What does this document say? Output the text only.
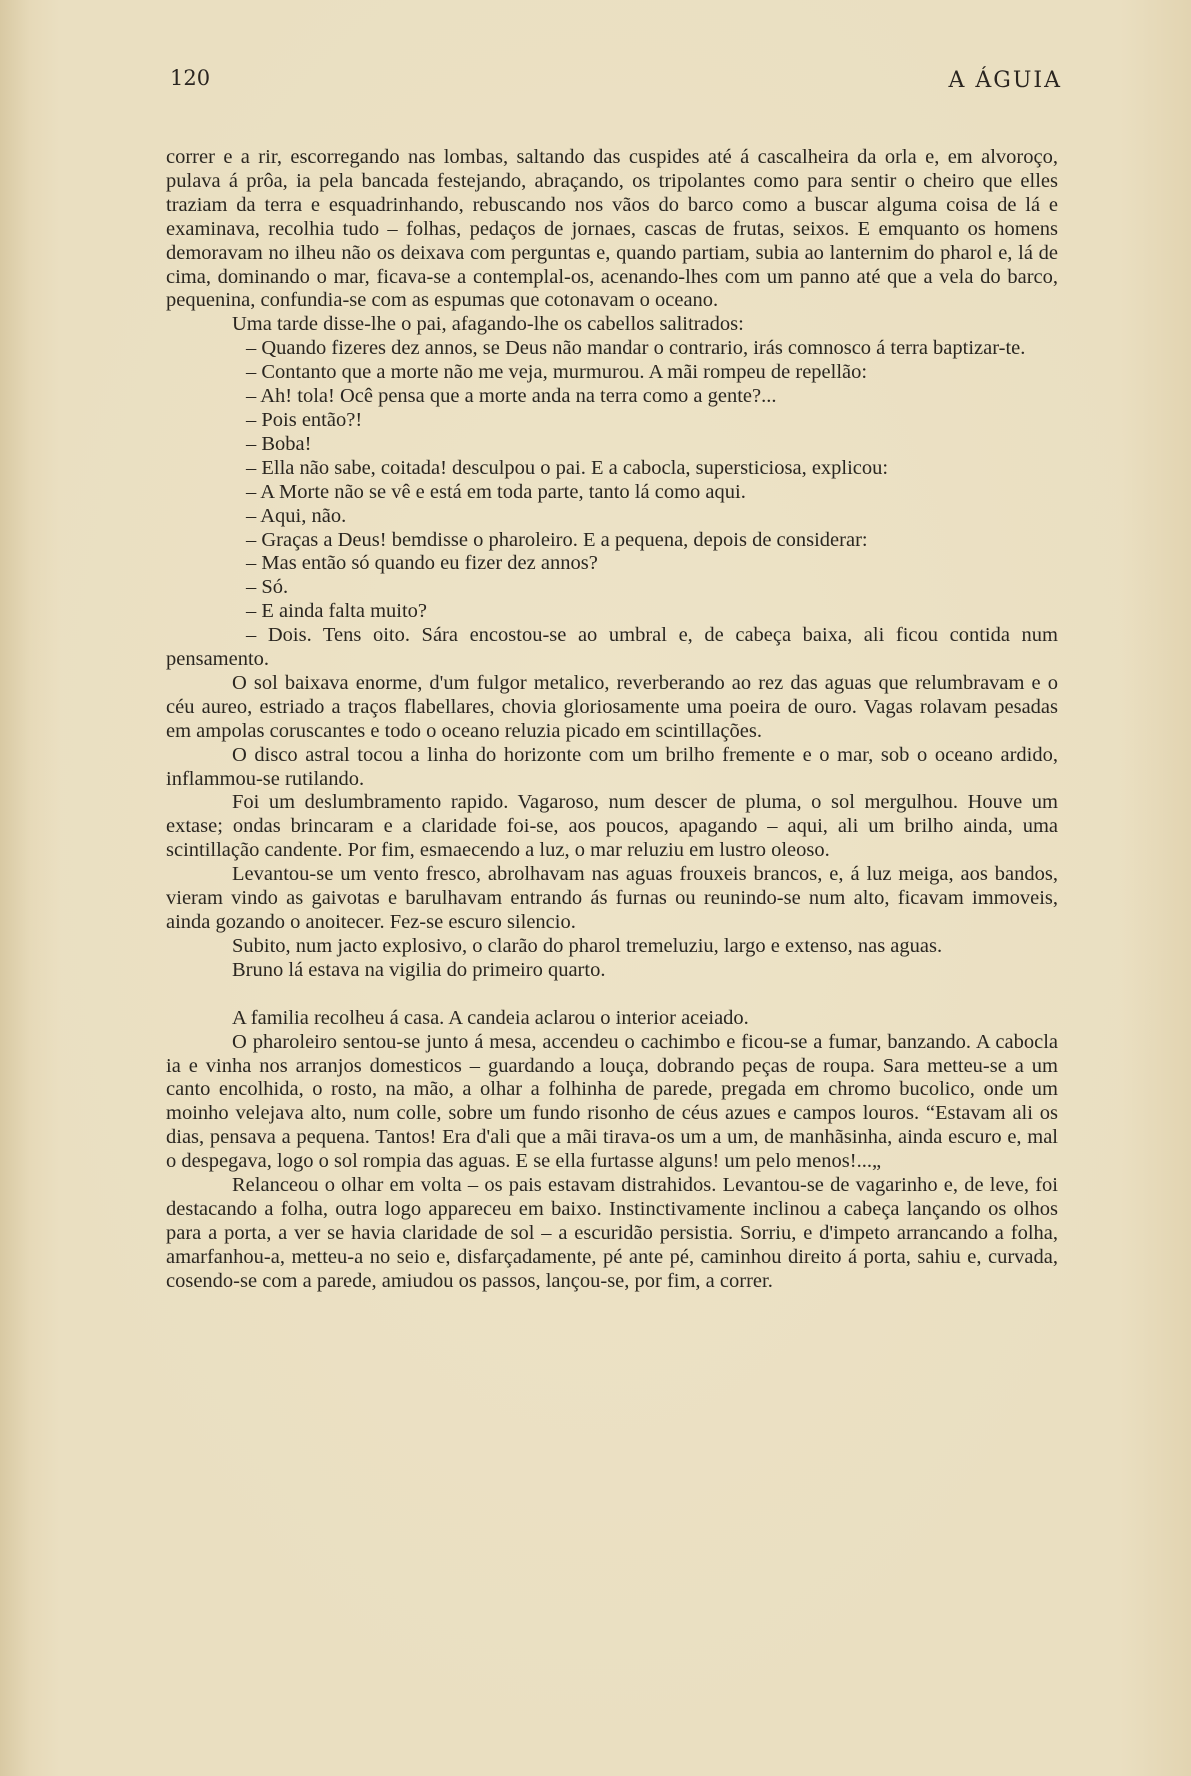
120	A ÁGUIA

correr e a rir, escorregando nas lombas, saltando das cuspides até á cascalheira da orla e, em alvoroço, pulava á prôa, ia pela bancada festejando, abraçando, os tripolantes como para sentir o cheiro que elles traziam da terra e esquadrinhando, rebuscando nos vãos do barco como a buscar alguma coisa de lá e examinava, recolhia tudo – folhas, pedaços de jornaes, cascas de frutas, seixos. E emquanto os homens demoravam no ilheu não os deixava com perguntas e, quando partiam, subia ao lanternim do pharol e, lá de cima, dominando o mar, ficava-se a contemplal-os, acenando-lhes com um panno até que a vela do barco, pequenina, confundia-se com as espumas que cotonavam o oceano.

Uma tarde disse-lhe o pai, afagando-lhe os cabellos salitrados:

– Quando fizeres dez annos, se Deus não mandar o contrario, irás comnosco á terra baptizar-te.

– Contanto que a morte não me veja, murmurou. A mãi rompeu de repellão:

– Ah! tola! Ocê pensa que a morte anda na terra como a gente?...

– Pois então?!

– Boba!

– Ella não sabe, coitada! desculpou o pai. E a cabocla, supersticiosa, explicou:

– A Morte não se vê e está em toda parte, tanto lá como aqui.

– Aqui, não.

– Graças a Deus! bemdisse o pharoleiro. E a pequena, depois de considerar:

– Mas então só quando eu fizer dez annos?

– Só.

– E ainda falta muito?

– Dois. Tens oito. Sára encostou-se ao umbral e, de cabeça baixa, ali ficou contida num pensamento.

O sol baixava enorme, d'um fulgor metalico, reverberando ao rez das aguas que relumbravam e o céu aureo, estriado a traços flabellares, chovia gloriosamente uma poeira de ouro. Vagas rolavam pesadas em ampolas coruscantes e todo o oceano reluzia picado em scintillações.

O disco astral tocou a linha do horizonte com um brilho fremente e o mar, sob o oceano ardido, inflammou-se rutilando.

Foi um deslumbramento rapido. Vagaroso, num descer de pluma, o sol mergulhou. Houve um extase; ondas brincaram e a claridade foi-se, aos poucos, apagando – aqui, ali um brilho ainda, uma scintillação candente. Por fim, esmaecendo a luz, o mar reluziu em lustro oleoso.

Levantou-se um vento fresco, abrolhavam nas aguas frouxeis brancos, e, á luz meiga, aos bandos, vieram vindo as gaivotas e barulhavam entrando ás furnas ou reunindo-se num alto, ficavam immoveis, ainda gozando o anoitecer. Fez-se escuro silencio.

Subito, num jacto explosivo, o clarão do pharol tremeluziu, largo e extenso, nas aguas.

Bruno lá estava na vigilia do primeiro quarto.

A familia recolheu á casa. A candeia aclarou o interior aceiado.

O pharoleiro sentou-se junto á mesa, accendeu o cachimbo e ficou-se a fumar, banzando. A cabocla ia e vinha nos arranjos domesticos – guardando a louça, dobrando peças de roupa. Sara metteu-se a um canto encolhida, o rosto, na mão, a olhar a folhinha de parede, pregada em chromo bucolico, onde um moinho velejava alto, num colle, sobre um fundo risonho de céus azues e campos louros. “Estavam ali os dias, pensava a pequena. Tantos! Era d'ali que a mãi tirava-os um a um, de manhãsinha, ainda escuro e, mal o despegava, logo o sol rompia das aguas. E se ella furtasse alguns! um pelo menos!...„

Relanceou o olhar em volta – os pais estavam distrahidos. Levantou-se de vagarinho e, de leve, foi destacando a folha, outra logo appareceu em baixo. Instinctivamente inclinou a cabeça lançando os olhos para a porta, a ver se havia claridade de sol – a escuridão persistia. Sorriu, e d'impeto arrancando a folha, amarfanhou-a, metteu-a no seio e, disfarçadamente, pé ante pé, caminhou direito á porta, sahiu e, curvada, cosendo-se com a parede, amiudou os passos, lançou-se, por fim, a correr.
